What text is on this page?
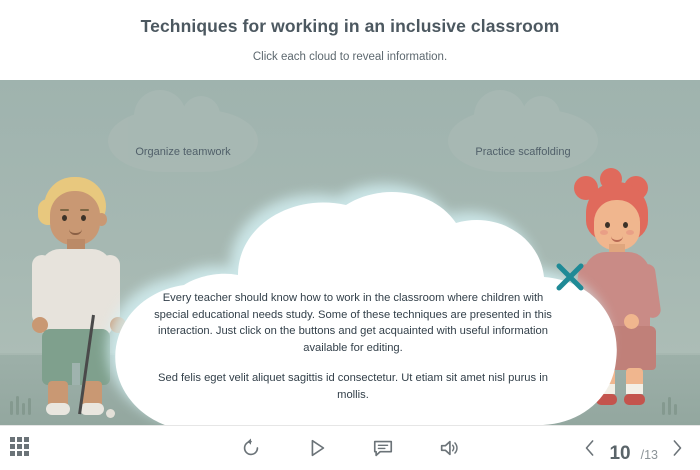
Techniques for working in an inclusive classroom
Click each cloud to reveal information.
Organize teamwork	Practice scaffolding

Every teacher should know how to work in the classroom where children with special educational needs study. Some of these techniques are presented in this interaction. Just click on the buttons and get acquainted with useful information available for editing.

Sed felis eget velit aliquet sagittis id consectetur. Ut etiam sit amet nisl purus in mollis.

10 /13
